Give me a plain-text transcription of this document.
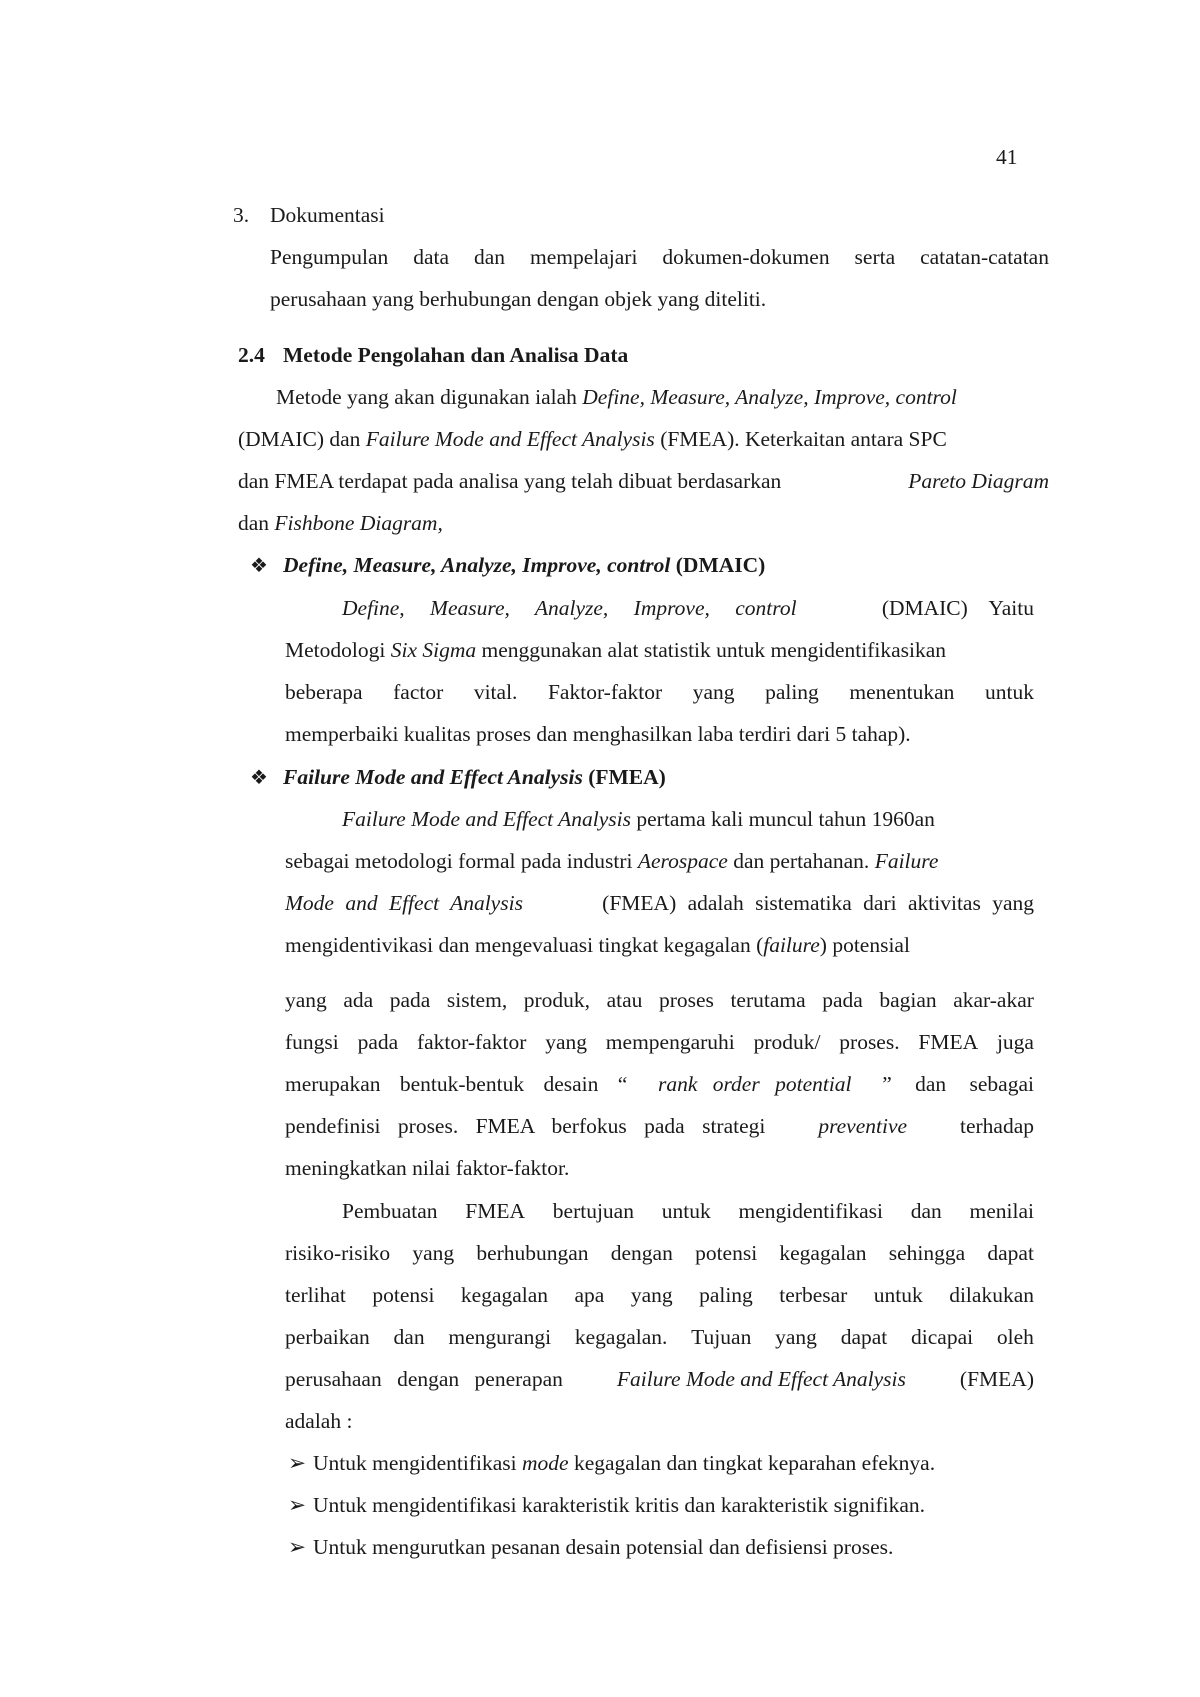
41
3. Dokumentasi
Pengumpulan data dan mempelajari dokumen-dokumen serta catatan-catatan
perusahaan yang berhubungan dengan objek yang diteliti.
2.4 Metode Pengolahan dan Analisa Data
Metode yang akan digunakan ialah Define, Measure, Analyze, Improve, control
(DMAIC) dan Failure Mode and Effect Analysis (FMEA). Keterkaitan antara SPC
dan FMEA terdapat pada analisa yang telah dibuat berdasarkan	Pareto Diagram
dan Fishbone Diagram,
❖ Define, Measure, Analyze, Improve, control (DMAIC)
Define, Measure, Analyze, Improve, control	(DMAIC) Yaitu
Metodologi Six Sigma menggunakan alat statistik untuk mengidentifikasikan
beberapa factor vital. Faktor-faktor yang paling menentukan untuk
memperbaiki kualitas proses dan menghasilkan laba terdiri dari 5 tahap).
❖ Failure Mode and Effect Analysis (FMEA)
Failure Mode and Effect Analysis pertama kali muncul tahun 1960an
sebagai metodologi formal pada industri Aerospace dan pertahanan. Failure
Mode and Effect Analysis	(FMEA) adalah sistematika dari aktivitas yang
mengidentivikasi dan mengevaluasi tingkat kegagalan (failure) potensial
yang ada pada sistem, produk, atau proses terutama pada bagian akar-akar
fungsi pada faktor-faktor yang mempengaruhi produk/ proses. FMEA juga
merupakan bentuk-bentuk desain “ rank order potential ” dan sebagai
pendefinisi proses. FMEA berfokus pada strategi preventive terhadap
meningkatkan nilai faktor-faktor.
Pembuatan FMEA bertujuan untuk mengidentifikasi dan menilai
risiko-risiko yang berhubungan dengan potensi kegagalan sehingga dapat
terlihat potensi kegagalan apa yang paling terbesar untuk dilakukan
perbaikan dan mengurangi kegagalan. Tujuan yang dapat dicapai oleh
perusahaan dengan penerapan	Failure Mode and Effect Analysis	(FMEA)
adalah :
➢ Untuk mengidentifikasi mode kegagalan dan tingkat keparahan efeknya.
➢ Untuk mengidentifikasi karakteristik kritis dan karakteristik signifikan.
➢ Untuk mengurutkan pesanan desain potensial dan defisiensi proses.
